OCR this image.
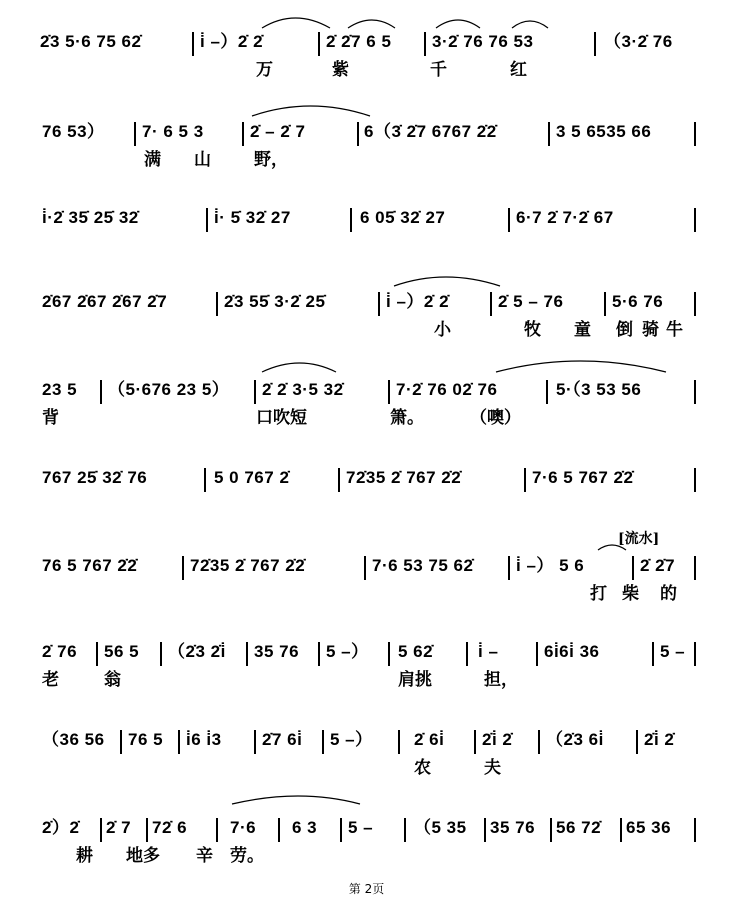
2̇3 5·6 75 62̇	i̇ –）2̇ 2̇	2̇ 2̇7 6 5 3·2̇ 76 76 53	（3·2̇ 76
万	紫	千	红
76 53） 7· 6 5 3	2̇ – 2̇ 7	6（3̇ 2̇7 6767 2̇2̇	3 5 6535 66
满 山	野，
i̇·2̇ 35̇ 25̇ 32̇	i̇· 5̇ 32̇ 27	6 05̇ 32̇ 27	6·7 2̇ 7·2̇ 67
2̇67 2̇67 2̇67 2̇7	2̇3 55̇ 3·2̇ 25̇	i̇ –）2̇ 2̇	2̇ 5 – 76	5·6 76
小	牧 童 倒 骑 牛
23 5 （5·676 23 5） 2̇ 2̇ 3·5 32̇	7·2̇ 76 02̇ 76	5·（3 53 56
背	口吹短	箫。	（噢）
767 25̇ 32̇ 76	5 0 767 2̇	72̇35 2̇ 767 2̇2̇	7·6 5 767 2̇2̇
[流水]
76 5 767 2̇2̇	72̇35 2̇ 767 2̇2̇	7·6 53 75 62̇	i̇ –） 5 6	2̇ 2̇7
打 柴 的
2̇ 76 56 5 （2̇3 2̇i̇ 35 76 5 –） 5 62̇	i̇ –	6i̇6i̇ 36	5 –
老	翁	肩挑	担，
（36 56 76 5 i̇6 i̇3 2̇7 6i̇ 5 –） 2̇ 6i̇ 2̇i̇ 2̇ （2̇3 6i̇ 2̇i̇ 2̇
农	夫
2̇）2̇ 2̇ 7 72̇ 6	7·6 6 3 5 – （5 35 35 76 56 72̇ 65 36
耕 地多 辛 劳。
第 2页
